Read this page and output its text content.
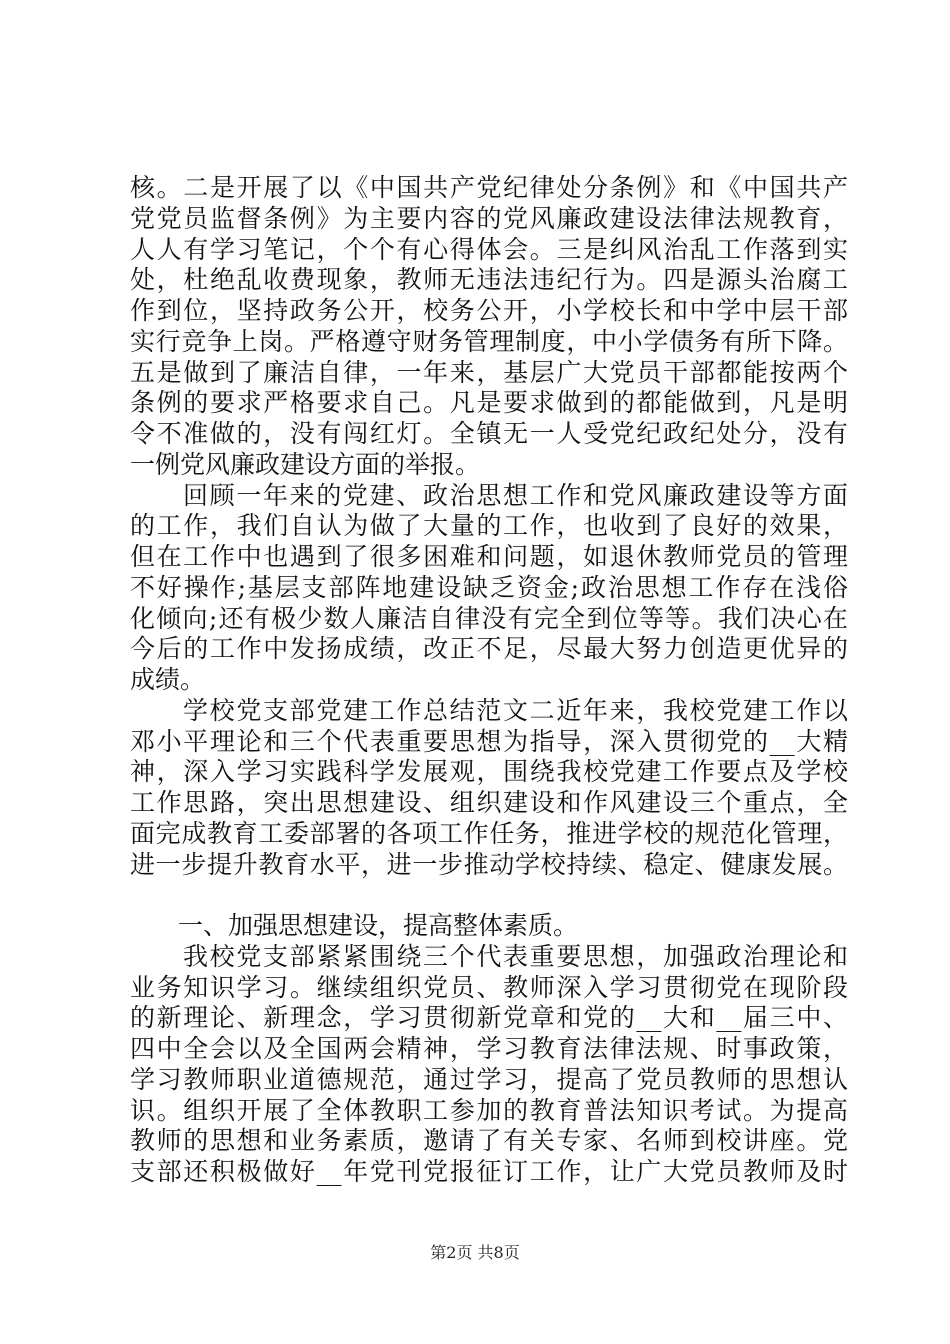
核。二是开展了以《中国共产党纪律处分条例》和《中国共产
党党员监督条例》为主要内容的党风廉政建设法律法规教育，
人人有学习笔记，个个有心得体会。三是纠风治乱工作落到实
处，杜绝乱收费现象，教师无违法违纪行为。四是源头治腐工
作到位，坚持政务公开，校务公开，小学校长和中学中层干部
实行竞争上岗。严格遵守财务管理制度，中小学债务有所下降。
五是做到了廉洁自律，一年来，基层广大党员干部都能按两个
条例的要求严格要求自己。凡是要求做到的都能做到，凡是明
令不准做的，没有闯红灯。全镇无一人受党纪政纪处分，没有
一例党风廉政建设方面的举报。
回顾一年来的党建、政治思想工作和党风廉政建设等方面
的工作，我们自认为做了大量的工作，也收到了良好的效果，
但在工作中也遇到了很多困难和问题，如退休教师党员的管理
不好操作;基层支部阵地建设缺乏资金;政治思想工作存在浅俗
化倾向;还有极少数人廉洁自律没有完全到位等等。我们决心在
今后的工作中发扬成绩，改正不足，尽最大努力创造更优异的
成绩。
学校党支部党建工作总结范文二近年来，我校党建工作以
邓小平理论和三个代表重要思想为指导，深入贯彻党的__大精
神，深入学习实践科学发展观，围绕我校党建工作要点及学校
工作思路，突出思想建设、组织建设和作风建设三个重点，全
面完成教育工委部署的各项工作任务，推进学校的规范化管理，
进一步提升教育水平，进一步推动学校持续、稳定、健康发展。
一、加强思想建设，提高整体素质。
我校党支部紧紧围绕三个代表重要思想，加强政治理论和
业务知识学习。继续组织党员、教师深入学习贯彻党在现阶段
的新理论、新理念，学习贯彻新党章和党的__大和__届三中、
四中全会以及全国两会精神，学习教育法律法规、时事政策，
学习教师职业道德规范，通过学习，提高了党员教师的思想认
识。组织开展了全体教职工参加的教育普法知识考试。为提高
教师的思想和业务素质，邀请了有关专家、名师到校讲座。党
支部还积极做好__年党刊党报征订工作，让广大党员教师及时
第2页 共8页
